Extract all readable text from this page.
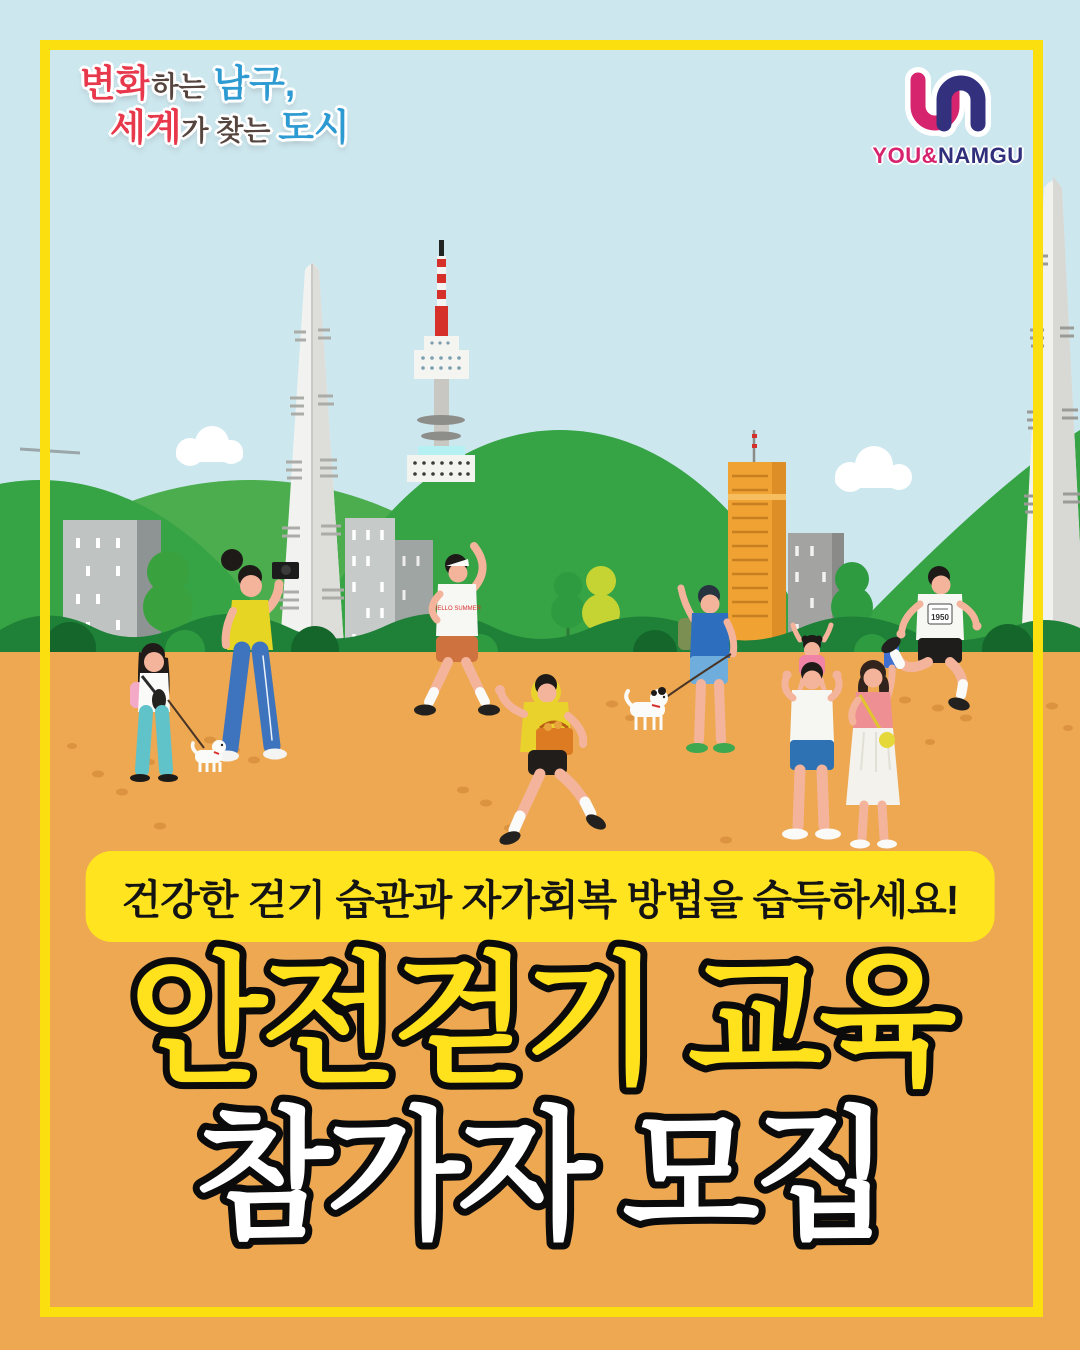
HELLO SUMMER
1950
변화하는 남구,
세계가 찾는 도시
YOU&NAMGU
건강한 걷기 습관과 자가회복 방법을 습득하세요!
안전걷기 교육
참가자 모집
